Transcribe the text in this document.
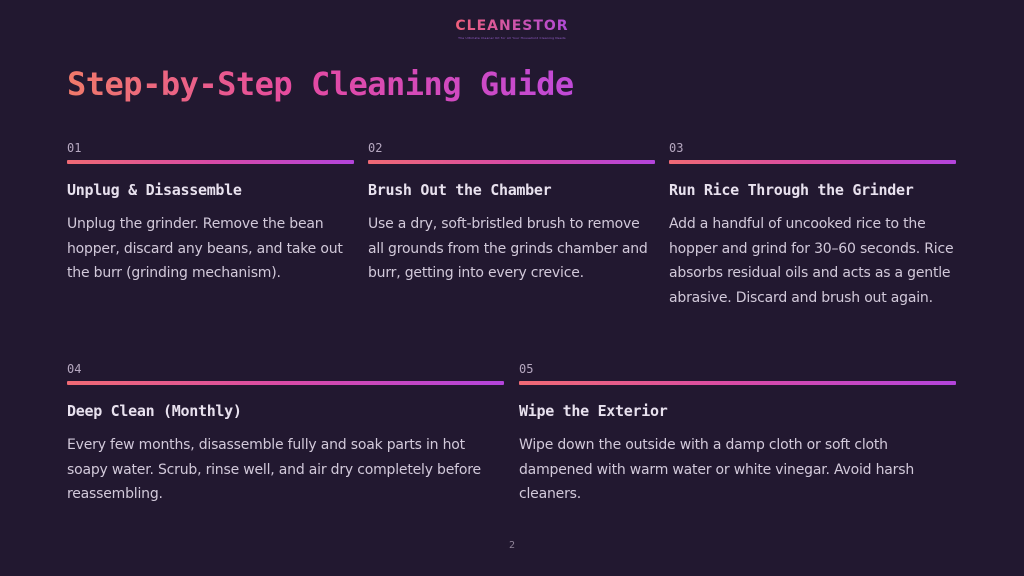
CLEANESTOR
The Ultimate Cleaner Kit for All Your Household Cleaning Needs
Step-by-Step Cleaning Guide
01
Unplug & Disassemble
Unplug the grinder. Remove the bean hopper, discard any beans, and take out the burr (grinding mechanism).
02
Brush Out the Chamber
Use a dry, soft-bristled brush to remove all grounds from the grinds chamber and burr, getting into every crevice.
03
Run Rice Through the Grinder
Add a handful of uncooked rice to the hopper and grind for 30–60 seconds. Rice absorbs residual oils and acts as a gentle abrasive. Discard and brush out again.
04
Deep Clean (Monthly)
Every few months, disassemble fully and soak parts in hot soapy water. Scrub, rinse well, and air dry completely before reassembling.
05
Wipe the Exterior
Wipe down the outside with a damp cloth or soft cloth dampened with warm water or white vinegar. Avoid harsh cleaners.
2
